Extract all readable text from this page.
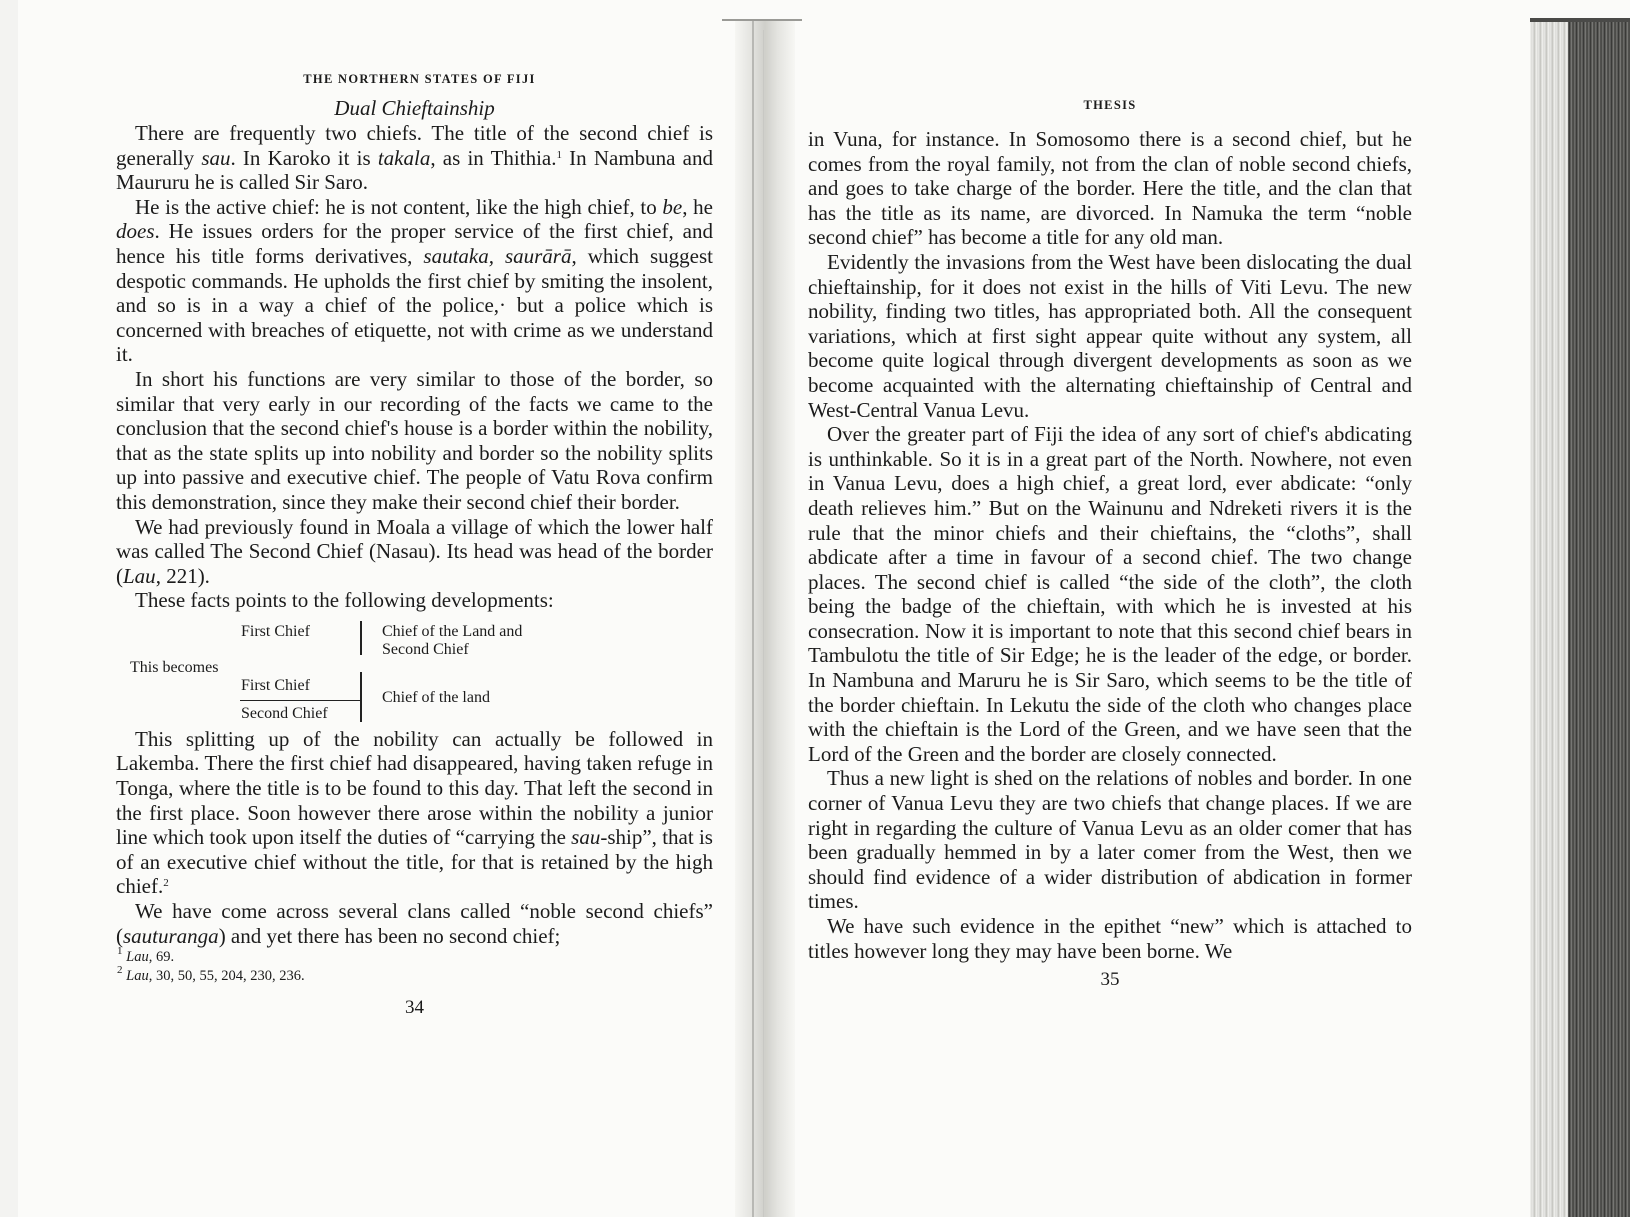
THE NORTHERN STATES OF FIJI

Dual Chieftainship

There are frequently two chiefs. The title of the second chief is generally sau. In Karoko it is takala, as in Thithia.$^1$ In Nambuna and Maururu he is called Sir Saro.

He is the active chief: he is not content, like the high chief, to be, he does. He issues orders for the proper service of the first chief, and hence his title forms derivatives, sautaka, saurārā, which suggest despotic commands. He upholds the first chief by smiting the insolent, and so is in a way a chief of the police,· but a police which is concerned with breaches of etiquette, not with crime as we understand it.

In short his functions are very similar to those of the border, so similar that very early in our recording of the facts we came to the conclusion that the second chief's house is a border within the nobility, that as the state splits up into nobility and border so the nobility splits up into passive and executive chief. The people of Vatu Rova confirm this demonstration, since they make their second chief their border.

We had previously found in Moala a village of which the lower half was called The Second Chief (Nasau). Its head was head of the border (Lau, 221).

These facts points to the following developments:

First Chief	Chief of the Land and
Second Chief
This becomes
First Chief
Second Chief
Chief of the land

This splitting up of the nobility can actually be followed in Lakemba. There the first chief had disappeared, having taken refuge in Tonga, where the title is to be found to this day. That left the second in the first place. Soon however there arose within the nobility a junior line which took upon itself the duties of “carrying the sau-ship”, that is of an executive chief without the title, for that is retained by the high chief.$^2$

We have come across several clans called “noble second chiefs” (sauturanga) and yet there has been no second chief;

$^1$ Lau, 69.

$^2$ Lau, 30, 50, 55, 204, 230, 236.

34

THESIS

in Vuna, for instance. In Somosomo there is a second chief, but he comes from the royal family, not from the clan of noble second chiefs, and goes to take charge of the border. Here the title, and the clan that has the title as its name, are divorced. In Namuka the term “noble second chief” has become a title for any old man.

Evidently the invasions from the West have been dislocating the dual chieftainship, for it does not exist in the hills of Viti Levu. The new nobility, finding two titles, has appropriated both. All the consequent variations, which at first sight appear quite without any system, all become quite logical through divergent developments as soon as we become acquainted with the alternating chieftainship of Central and West-Central Vanua Levu.

Over the greater part of Fiji the idea of any sort of chief's abdicating is unthinkable. So it is in a great part of the North. Nowhere, not even in Vanua Levu, does a high chief, a great lord, ever abdicate: “only death relieves him.” But on the Wainunu and Ndreketi rivers it is the rule that the minor chiefs and their chieftains, the “cloths”, shall abdicate after a time in favour of a second chief. The two change places. The second chief is called “the side of the cloth”, the cloth being the badge of the chieftain, with which he is invested at his consecration. Now it is important to note that this second chief bears in Tambulotu the title of Sir Edge; he is the leader of the edge, or border. In Nambuna and Maruru he is Sir Saro, which seems to be the title of the border chieftain. In Lekutu the side of the cloth who changes place with the chieftain is the Lord of the Green, and we have seen that the Lord of the Green and the border are closely connected.

Thus a new light is shed on the relations of nobles and border. In one corner of Vanua Levu they are two chiefs that change places. If we are right in regarding the culture of Vanua Levu as an older comer that has been gradually hemmed in by a later comer from the West, then we should find evidence of a wider distribution of abdication in former times.

We have such evidence in the epithet “new” which is attached to titles however long they may have been borne. We

35
